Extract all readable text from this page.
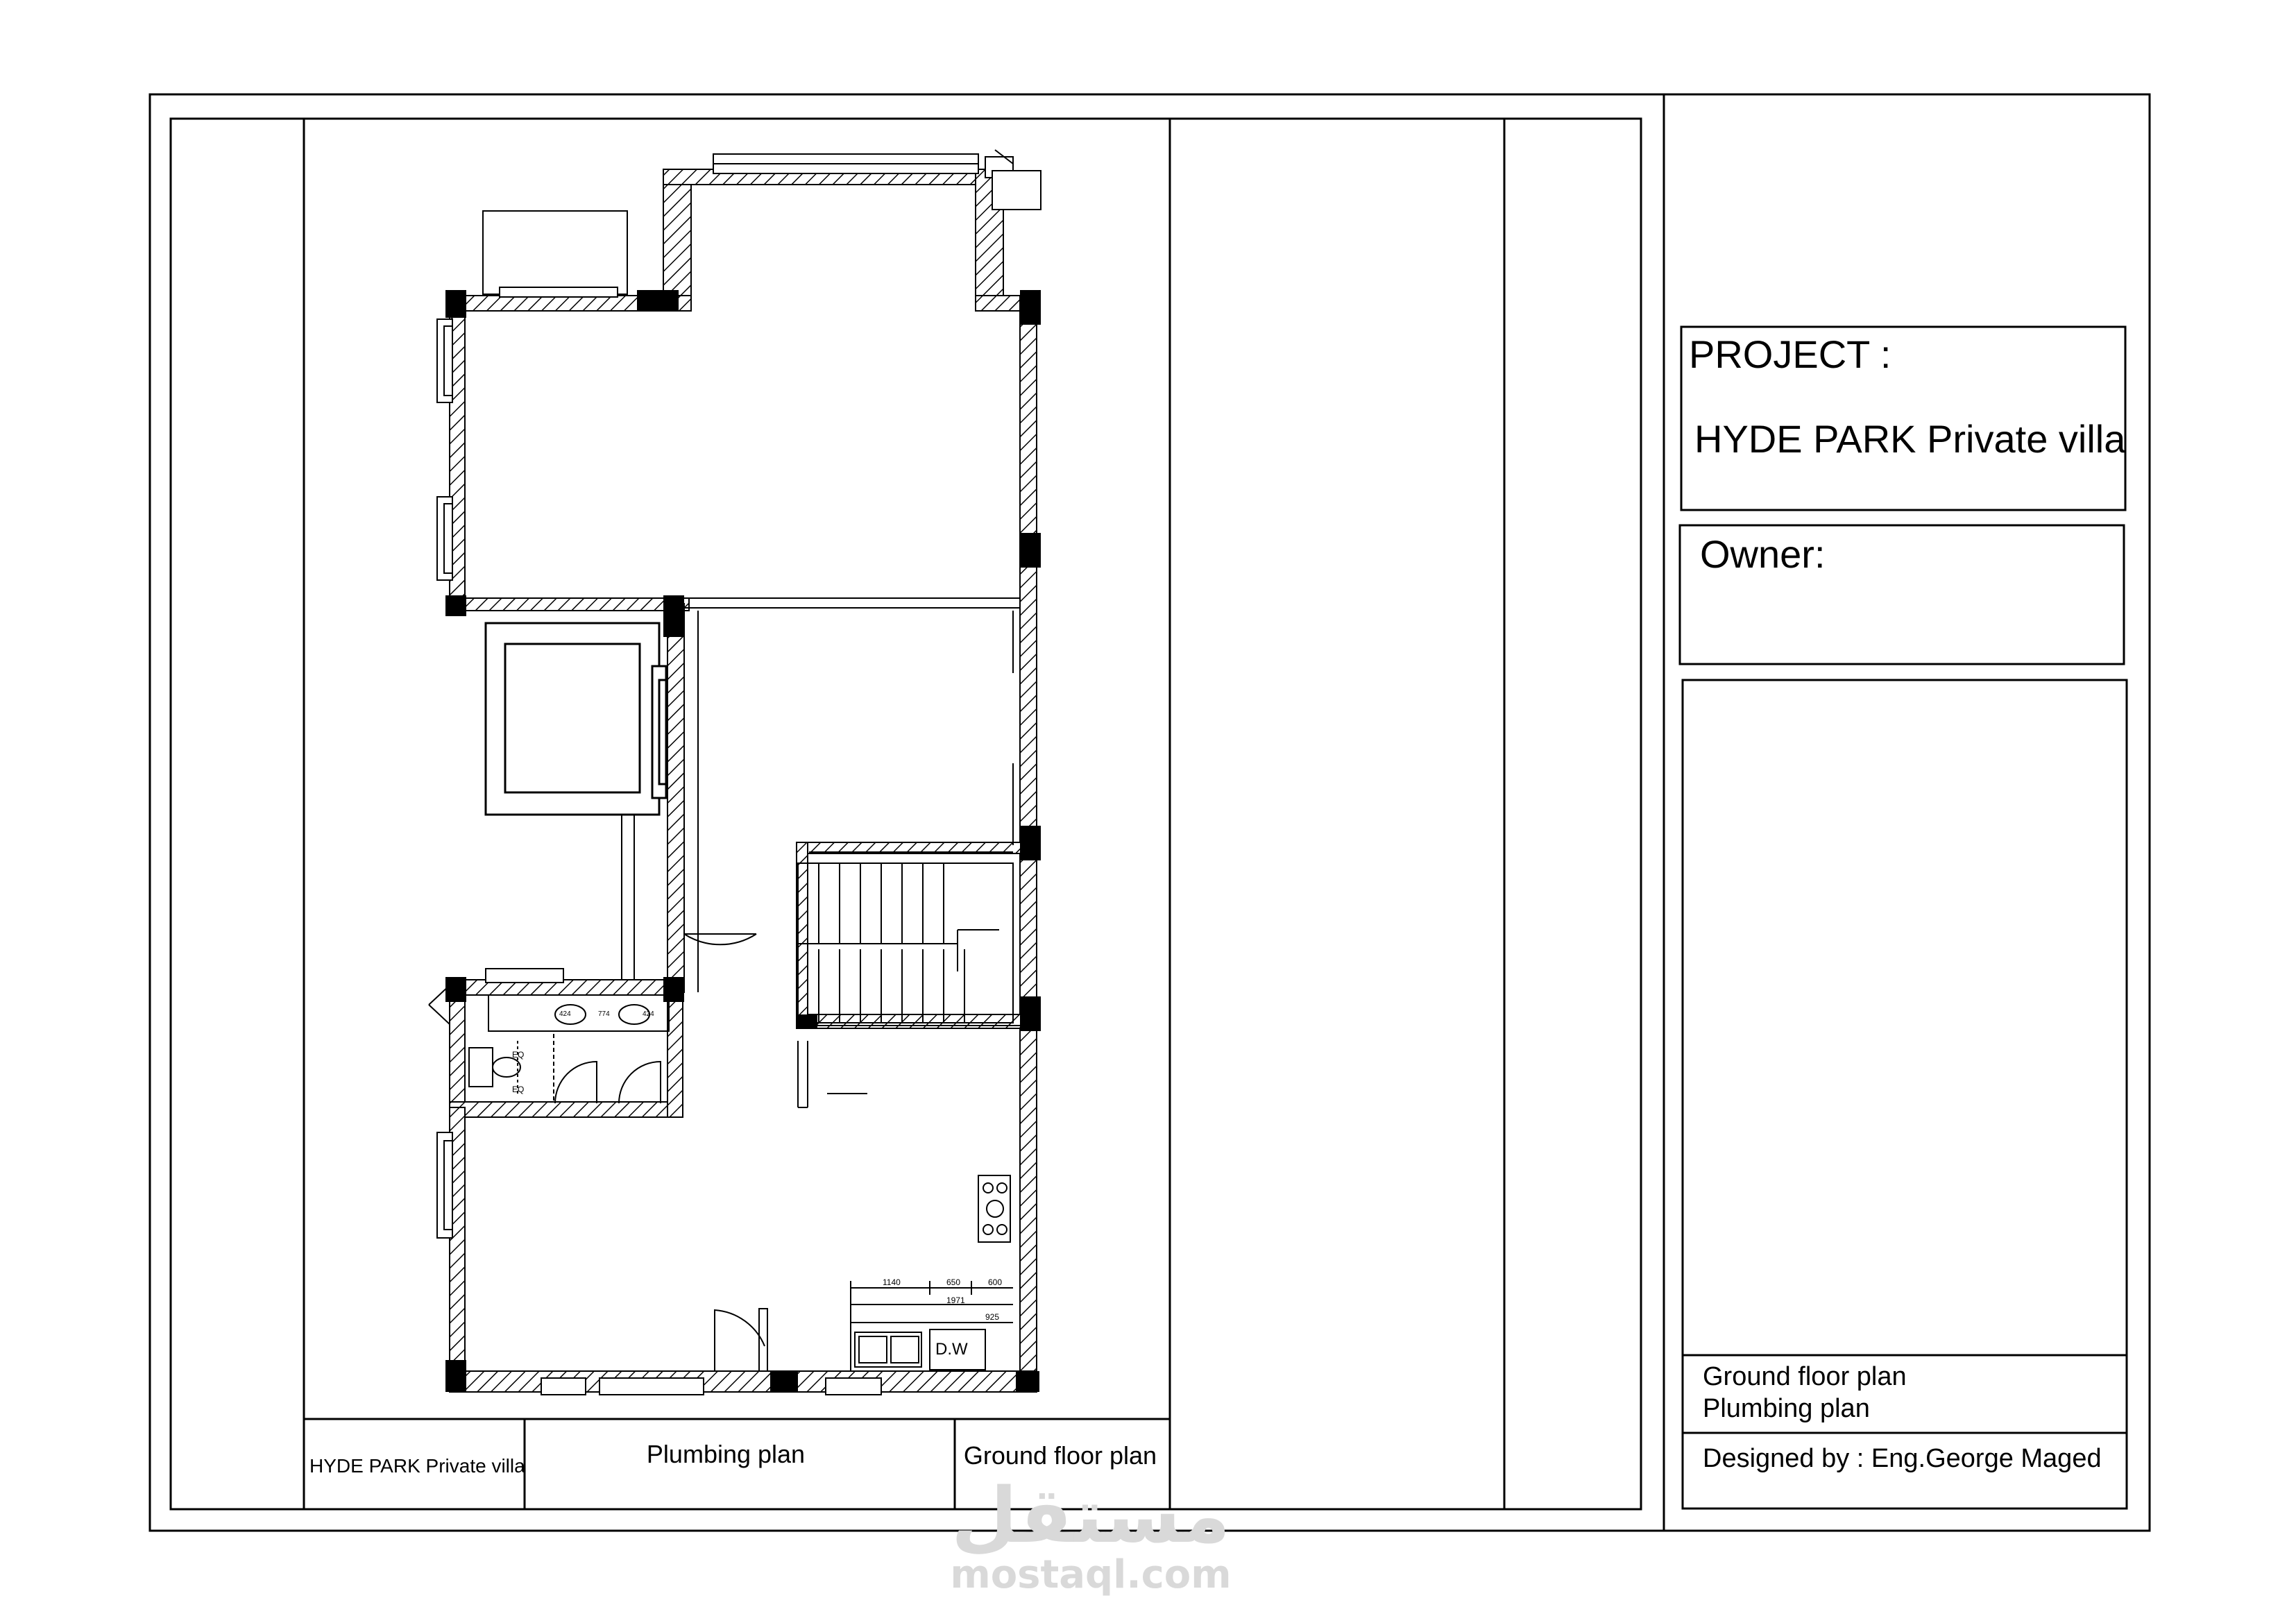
HYDE PARK Private villa	Plumbing plan	Ground floor plan
PROJECT :
HYDE PARK Private villa
Owner:
Ground floor plan
Plumbing plan
Designed by : Eng.George Maged
EQ
EQ
424	774	424
1140	650	600
1971
925
D.W
مستقل
mostaql.com
